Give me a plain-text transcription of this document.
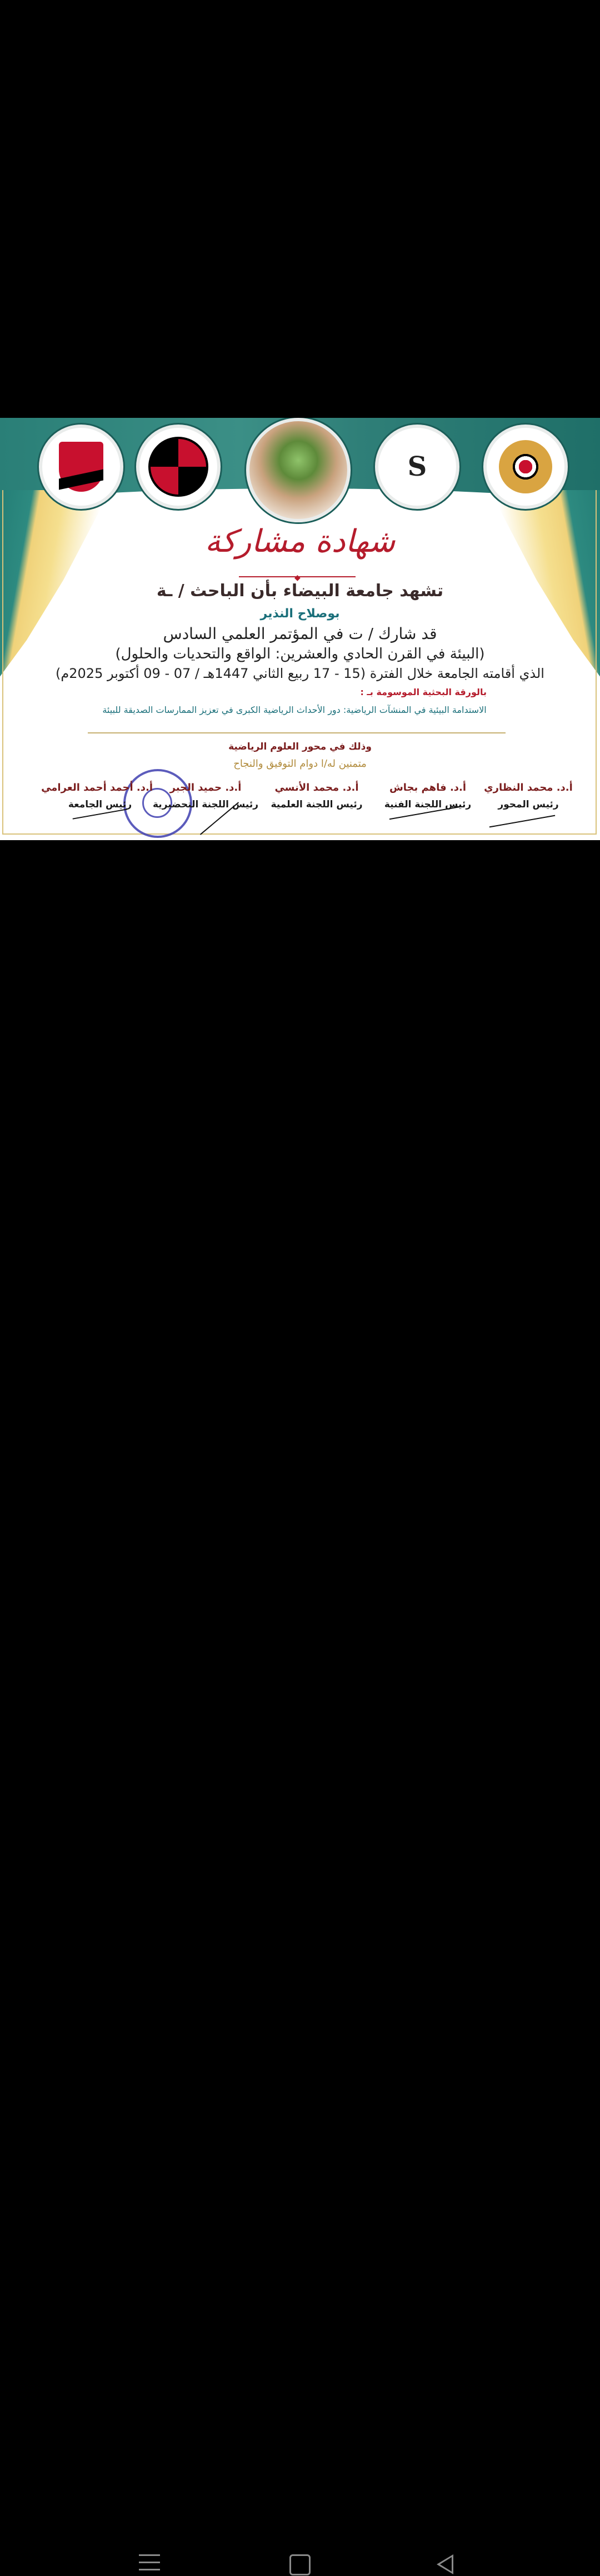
S
شهادة مشاركة
◆
تشهد جامعة البيضاء بأن الباحث / ـة
بوصلاح النذير
قد شارك / ت في المؤتمر العلمي السادس
(البيئة في القرن الحادي والعشرين: الواقع والتحديات والحلول)
الذي أقامته الجامعة خلال الفترة (15 - 17 ربيع الثاني 1447هـ / 07 - 09 أكتوبر 2025م)
بالورقة البحثية الموسومة بـ :
الاستدامة البيئية في المنشآت الرياضية: دور الأحداث الرياضية الكبرى في تعزيز الممارسات الصديقة للبيئة
وذلك في محور العلوم الرياضية
متمنين له/ا دوام التوفيق والنجاح
أ.د. محمد النظاري
رئيس المحور
أ.د. فاهم بجاش
رئيس اللجنة الفنية
أ.د. محمد الأنسي
رئيس اللجنة العلمية
أ.د. حميد الجبر
رئيس اللجنة التحضيرية
أ.د. أحمد أحمد العرامي
رئيس الجامعة
